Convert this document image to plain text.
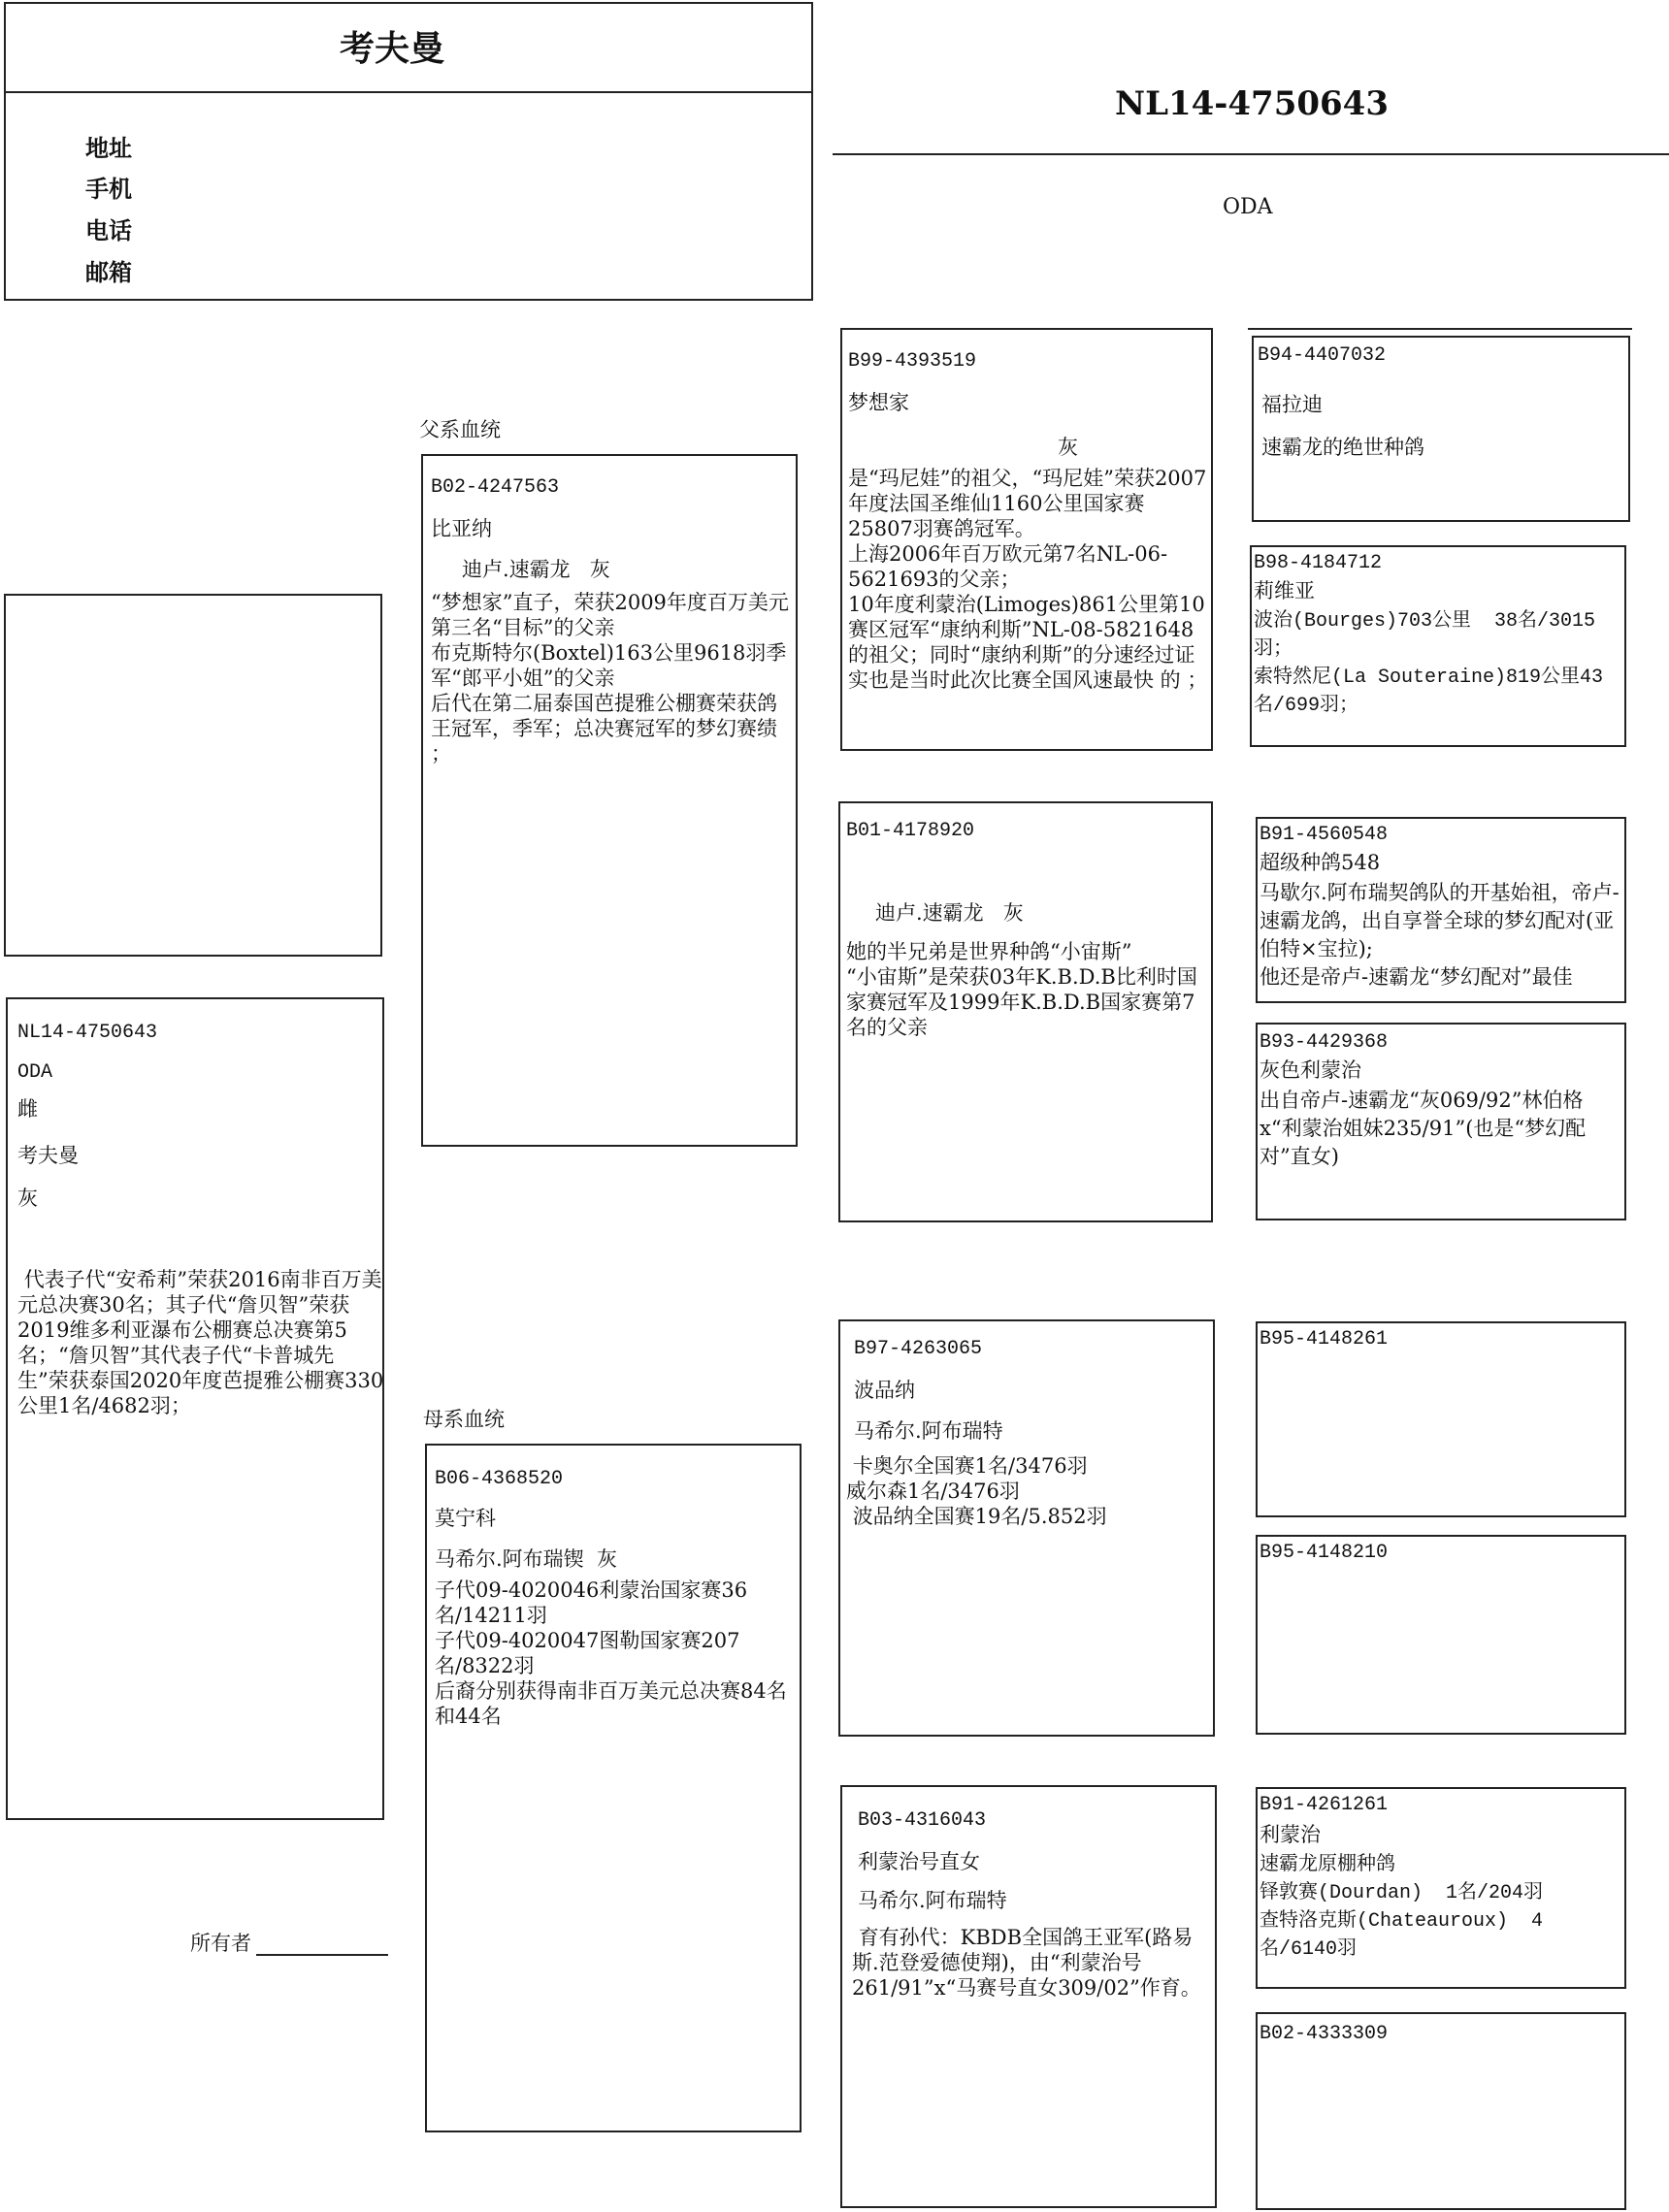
考夫曼
地址
手机
电话
邮箱
NL14-4750643
ODA
NL14-4750643
ODA
雌
考夫曼
灰
代表子代“安希莉”荣获2016南非百万美元总决赛30名；其子代“詹贝智”荣获2019维多利亚瀑布公棚赛总决赛第5名；“詹贝智”其代表子代“卡普城先生”荣获泰国2020年度芭提雅公棚赛330公里1名/4682羽；
所有者
父系血统
母系血统
B02-4247563
比亚纳
迪卢.速霸龙   灰
“梦想家”直子，荣获2009年度百万美元第三名“目标”的父亲
布克斯特尔(Boxtel)163公里9618羽季军“郎平小姐”的父亲
后代在第二届泰国芭提雅公棚赛荣获鸽王冠军，季军；总决赛冠军的梦幻赛绩 ；
B06-4368520
莫宁科
马希尔.阿布瑞锲  灰
子代09-4020046利蒙治国家赛36名/14211羽
子代09-4020047图勒国家赛207名/8322羽
后裔分别获得南非百万美元总决赛84名和44名
B99-4393519
梦想家
灰
是“玛尼娃”的祖父，“玛尼娃”荣获2007年度法国圣维仙1160公里国家赛25807羽赛鸽冠军。
上海2006年百万欧元第7名NL-06-5621693的父亲；
10年度利蒙治(Limoges)861公里第10赛区冠军“康纳利斯”NL-08-5821648的祖父；同时“康纳利斯”的分速经过证实也是当时此次比赛全国风速最快 的 ；
B01-4178920
迪卢.速霸龙   灰
她的半兄弟是世界种鸽“小宙斯”
“小宙斯”是荣获03年K.B.D.B比利时国家赛冠军及1999年K.B.D.B国家赛第7名的父亲
B97-4263065
波品纳
马希尔.阿布瑞特
卡奥尔全国赛1名/3476羽
威尔森1名/3476羽
波品纳全国赛19名/5.852羽
B03-4316043
利蒙治号直女
马希尔.阿布瑞特
育有孙代：KBDB全国鸽王亚军(路易斯.范登爱德使翔)，由“利蒙治号261/91”x“马赛号直女309/02”作育。
B94-4407032
福拉迪
速霸龙的绝世种鸽
B98-4184712
莉维亚
波治(Bourges)703公里  38名/3015羽；
索特然尼(La Souteraine)819公里43名/699羽；
B91-4560548
超级种鸽548
马歇尔.阿布瑞契鸽队的开基始祖，帝卢-速霸龙鸽，出自享誉全球的梦幻配对(亚伯特×宝拉);
他还是帝卢-速霸龙“梦幻配对”最佳
B93-4429368
灰色利蒙治
出自帝卢-速霸龙“灰069/92”林伯格x“利蒙治姐妹235/91”(也是“梦幻配对”直女)
B95-4148261
B95-4148210
B91-4261261
利蒙治
速霸龙原棚种鸽
铎敦赛(Dourdan)  1名/204羽
查特洛克斯(Chateauroux)  4 名/6140羽
B02-4333309
